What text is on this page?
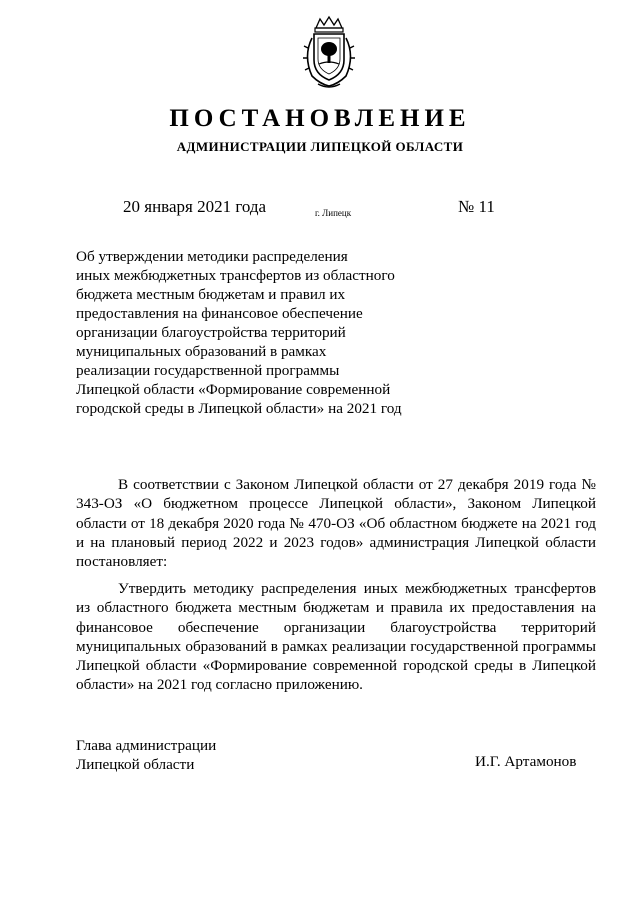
ПОСТАНОВЛЕНИЕ
АДМИНИСТРАЦИИ ЛИПЕЦКОЙ ОБЛАСТИ
20 января 2021 года	г. Липецк	№ 11
Об утверждении методики распределения
иных межбюджетных трансфертов из областного
бюджета местным бюджетам и правил их
предоставления на финансовое обеспечение
организации благоустройства территорий
муниципальных образований в рамках
реализации государственной программы
Липецкой области «Формирование современной
городской среды в Липецкой области» на 2021 год

В соответствии с Законом Липецкой области от 27 декабря 2019 года № 343-ОЗ «О бюджетном процессе Липецкой области», Законом Липецкой области от 18 декабря 2020 года № 470-ОЗ «Об областном бюджете на 2021 год и на плановый период 2022 и 2023 годов» администрация Липецкой области постановляет:

Утвердить методику распределения иных межбюджетных трансфертов из областного бюджета местным бюджетам и правила их предоставления на финансовое обеспечение организации благоустройства территорий муниципальных образований в рамках реализации государственной программы Липецкой области «Формирование современной городской среды в Липецкой области» на 2021 год согласно приложению.

Глава администрации
Липецкой области	И.Г. Артамонов
